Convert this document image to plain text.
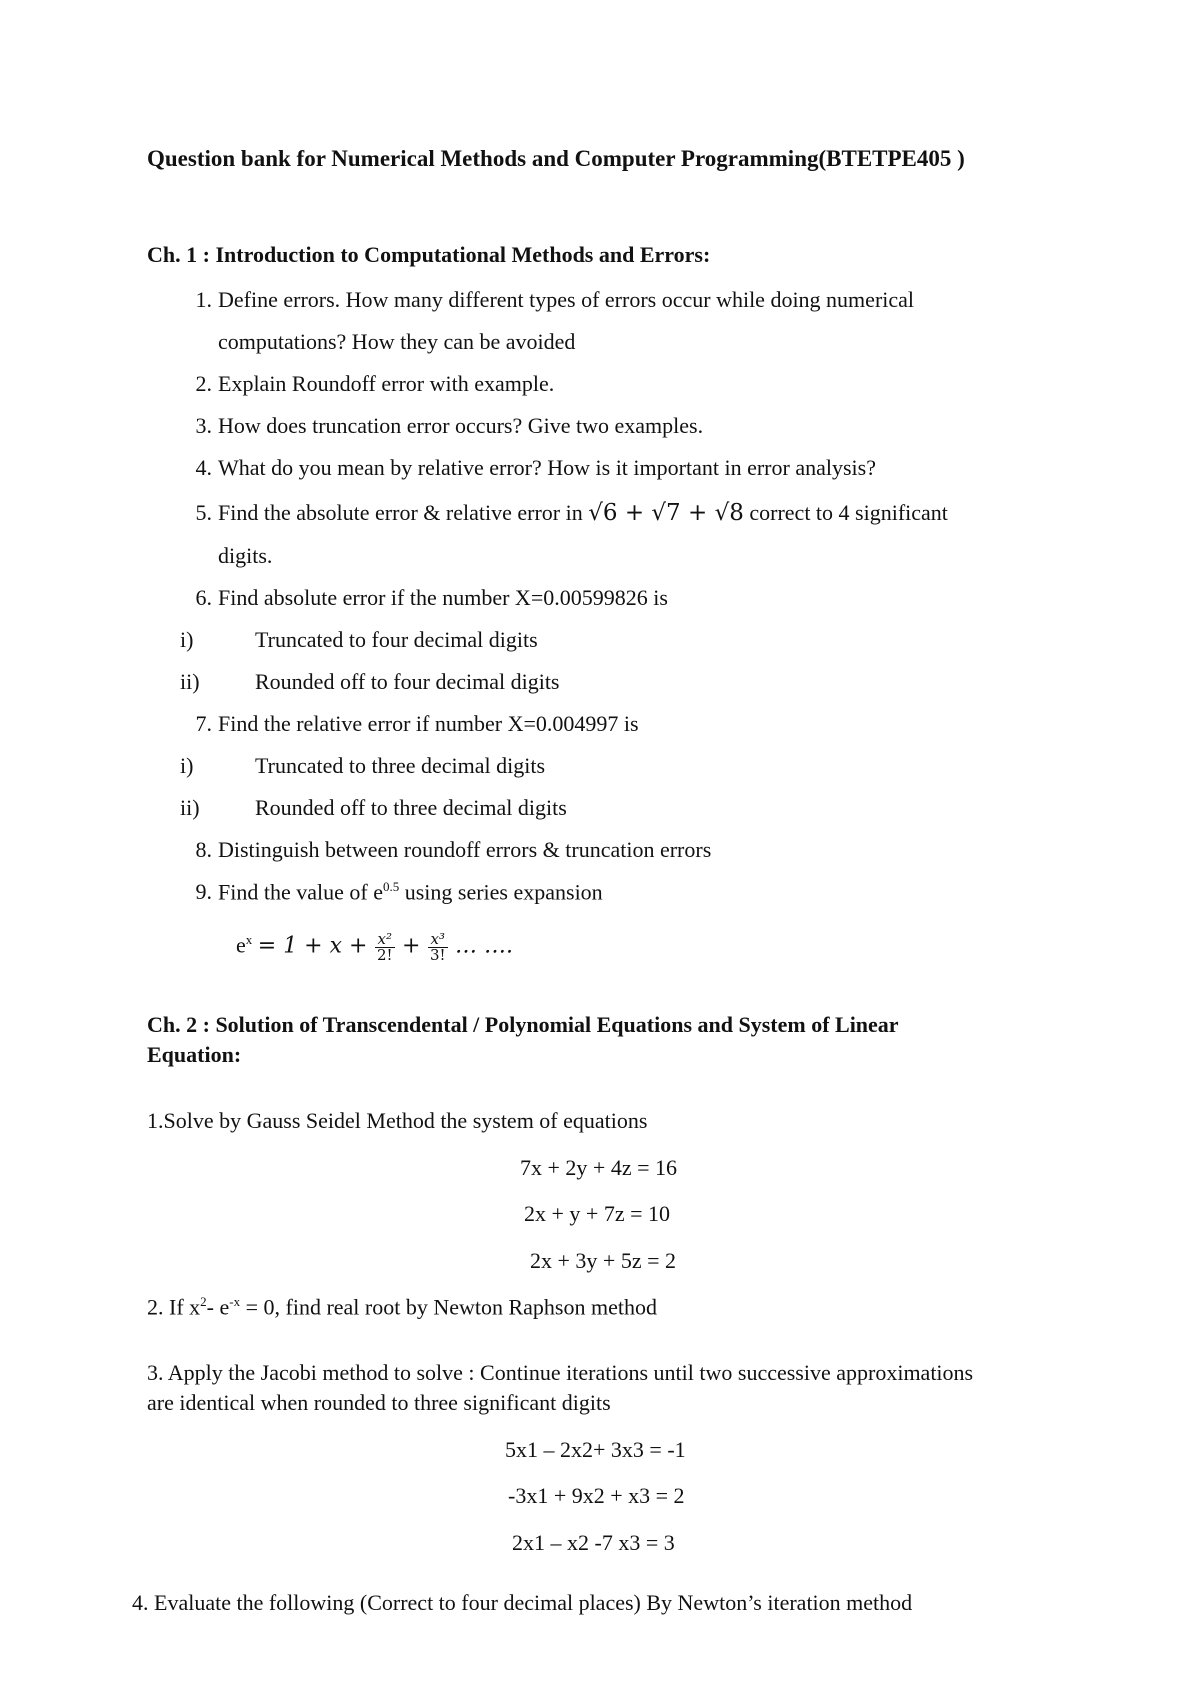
Question bank for Numerical Methods and Computer Programming(BTETPE405 )
Ch. 1 : Introduction to Computational Methods and Errors:
1. Define errors. How many different types of errors occur while doing numerical
computations? How they can be avoided
2. Explain Roundoff error with example.
3. How does truncation error occurs? Give two examples.
4. What do you mean by relative error? How is it important in error analysis?
5. Find the absolute error & relative error in √6 + √7 + √8 correct to 4 significant
digits.
6. Find absolute error if the number X=0.00599826 is
i)	Truncated to four decimal digits
ii)	Rounded off to four decimal digits
7. Find the relative error if number X=0.004997 is
i)	Truncated to three decimal digits
ii)	Rounded off to three decimal digits
8. Distinguish between roundoff errors & truncation errors
9. Find the value of $e^{0.5}$ using series expansion
$e^x = 1 + x + \frac{\text{x²}}{2!} + \frac{\text{x³}}{3!}$ … ….
Ch. 2 : Solution of Transcendental / Polynomial Equations and System of Linear
Equation:
1.Solve by Gauss Seidel Method the system of equations
7x + 2y + 4z = 16
2x + y + 7z = 10
2x + 3y + 5z = 2
2. If $x^2-$ $e^{-x} = 0$, find real root by Newton Raphson method
3. Apply the Jacobi method to solve : Continue iterations until two successive approximations
are identical when rounded to three significant digits
5x1 – 2x2+ 3x3 = -1
-3x1 + 9x2 + x3 = 2
2x1 – x2 -7 x3 = 3
4. Evaluate the following (Correct to four decimal places) By Newton’s iteration method
